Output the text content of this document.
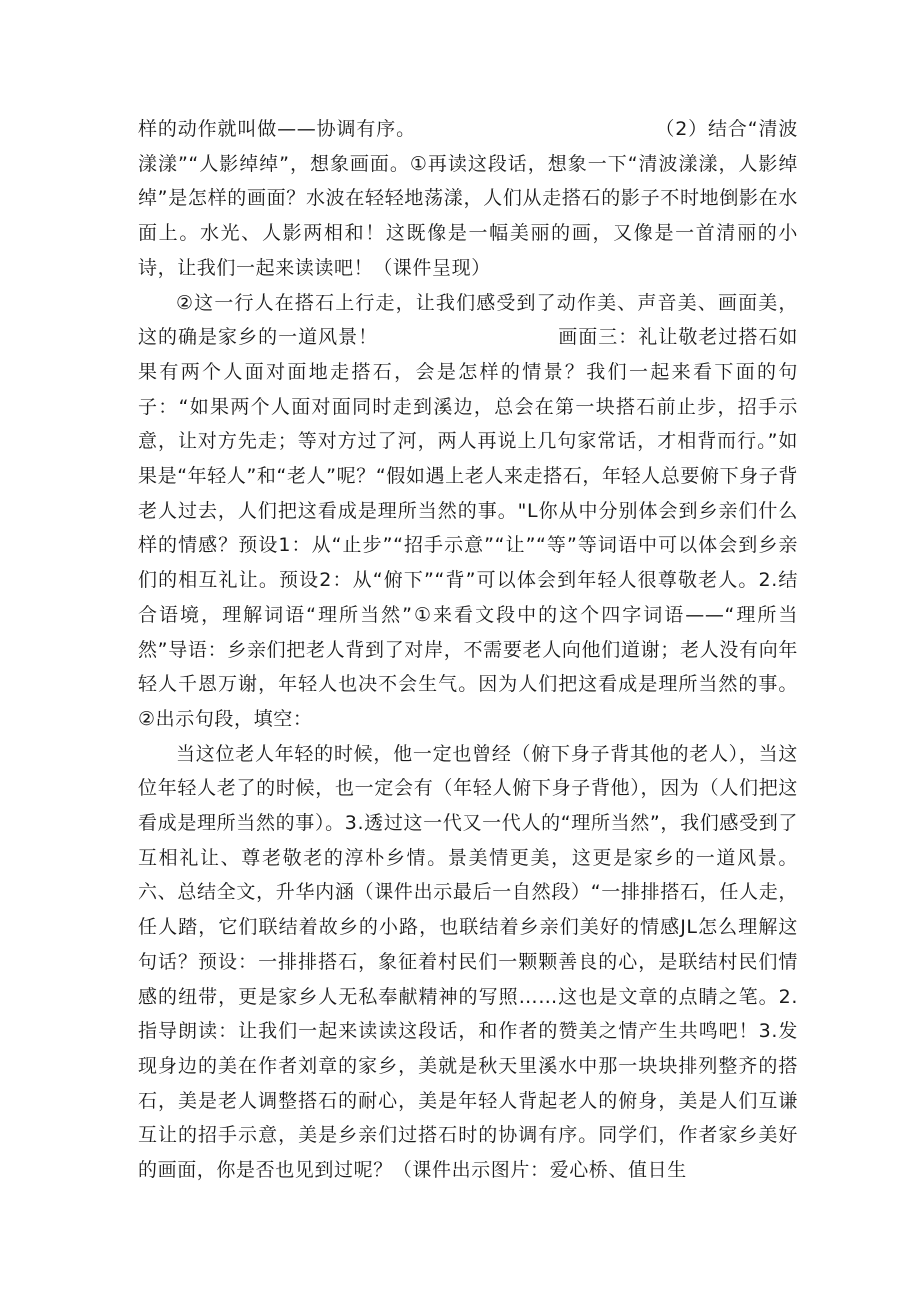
样的动作就叫做——协调有序。　　　　　　　　　　　　　（2）结合“清波漾漾”“人影绰绰”，想象画面。①再读这段话，想象一下“清波漾漾，人影绰绰”是怎样的画面？水波在轻轻地荡漾，人们从走搭石的影子不时地倒影在水面上。水光、人影两相和！这既像是一幅美丽的画，又像是一首清丽的小诗，让我们一起来读读吧！（课件呈现）

②这一行人在搭石上行走，让我们感受到了动作美、声音美、画面美，这的确是家乡的一道风景！　　　　　　　　　画面三：礼让敬老过搭石如果有两个人面对面地走搭石，会是怎样的情景？我们一起来看下面的句子：“如果两个人面对面同时走到溪边，总会在第一块搭石前止步，招手示意，让对方先走；等对方过了河，两人再说上几句家常话，才相背而行。”如果是“年轻人”和“老人”呢？“假如遇上老人来走搭石，年轻人总要俯下身子背老人过去，人们把这看成是理所当然的事。"L你从中分别体会到乡亲们什么样的情感？预设1：从“止步”“招手示意”“让”“等”等词语中可以体会到乡亲们的相互礼让。预设2：从“俯下”“背”可以体会到年轻人很尊敬老人。2.结合语境，理解词语“理所当然”①来看文段中的这个四字词语——“理所当然”导语：乡亲们把老人背到了对岸，不需要老人向他们道谢；老人没有向年轻人千恩万谢，年轻人也决不会生气。因为人们把这看成是理所当然的事。②出示句段，填空：

当这位老人年轻的时候，他一定也曾经（俯下身子背其他的老人），当这位年轻人老了的时候，也一定会有（年轻人俯下身子背他），因为（人们把这看成是理所当然的事）。3.透过这一代又一代人的“理所当然”，我们感受到了互相礼让、尊老敬老的淳朴乡情。景美情更美，这更是家乡的一道风景。六、总结全文，升华内涵（课件出示最后一自然段）“一排排搭石，任人走，任人踏，它们联结着故乡的小路，也联结着乡亲们美好的情感JL怎么理解这句话？预设：一排排搭石，象征着村民们一颗颗善良的心，是联结村民们情感的纽带，更是家乡人无私奉献精神的写照……这也是文章的点睛之笔。2.指导朗读：让我们一起来读读这段话，和作者的赞美之情产生共鸣吧！3.发现身边的美在作者刘章的家乡，美就是秋天里溪水中那一块块排列整齐的搭石，美是老人调整搭石的耐心，美是年轻人背起老人的俯身，美是人们互谦互让的招手示意，美是乡亲们过搭石时的协调有序。同学们，作者家乡美好的画面，你是否也见到过呢？（课件出示图片：爱心桥、值日生
